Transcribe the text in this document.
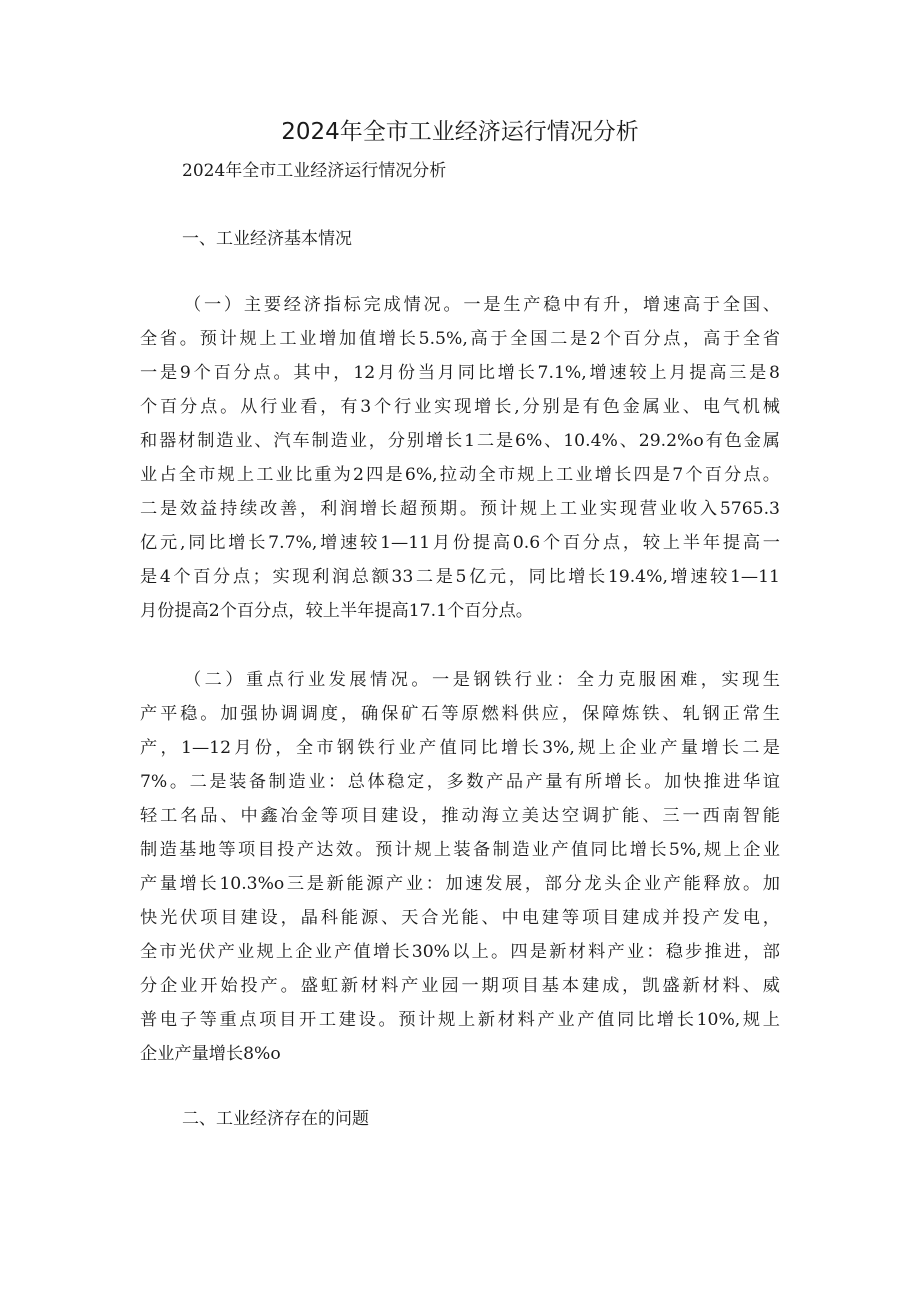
2024年全市工业经济运行情况分析

2024年全市工业经济运行情况分析

一、工业经济基本情况

（一）主要经济指标完成情况。一是生产稳中有升，增速高于全国、
全省。预计规上工业增加值增长5.5%,高于全国二是2个百分点，高于全省
一是9个百分点。其中，12月份当月同比增长7.1%,增速较上月提高三是8
个百分点。从行业看，有3个行业实现增长,分别是有色金属业、电气机械
和器材制造业、汽车制造业，分别增长1二是6%、10.4%、29.2%o有色金属
业占全市规上工业比重为2四是6%,拉动全市规上工业增长四是7个百分点。
二是效益持续改善，利润增长超预期。预计规上工业实现营业收入5765.3
亿元,同比增长7.7%,增速较1—11月份提高0.6个百分点，较上半年提高一
是4个百分点；实现利润总额33二是5亿元，同比增长19.4%,增速较1—11
月份提高2个百分点，较上半年提高17.1个百分点。
（二）重点行业发展情况。一是钢铁行业：全力克服困难，实现生
产平稳。加强协调调度，确保矿石等原燃料供应，保障炼铁、轧钢正常生
产，1—12月份，全市钢铁行业产值同比增长3%,规上企业产量增长二是
7%。二是装备制造业：总体稳定，多数产品产量有所增长。加快推进华谊
轻工名品、中鑫冶金等项目建设，推动海立美达空调扩能、三一西南智能
制造基地等项目投产达效。预计规上装备制造业产值同比增长5%,规上企业
产量增长10.3%o三是新能源产业：加速发展，部分龙头企业产能释放。加
快光伏项目建设，晶科能源、天合光能、中电建等项目建成并投产发电，
全市光伏产业规上企业产值增长30%以上。四是新材料产业：稳步推进，部
分企业开始投产。盛虹新材料产业园一期项目基本建成，凯盛新材料、威
普电子等重点项目开工建设。预计规上新材料产业产值同比增长10%,规上
企业产量增长8%o

二、工业经济存在的问题
